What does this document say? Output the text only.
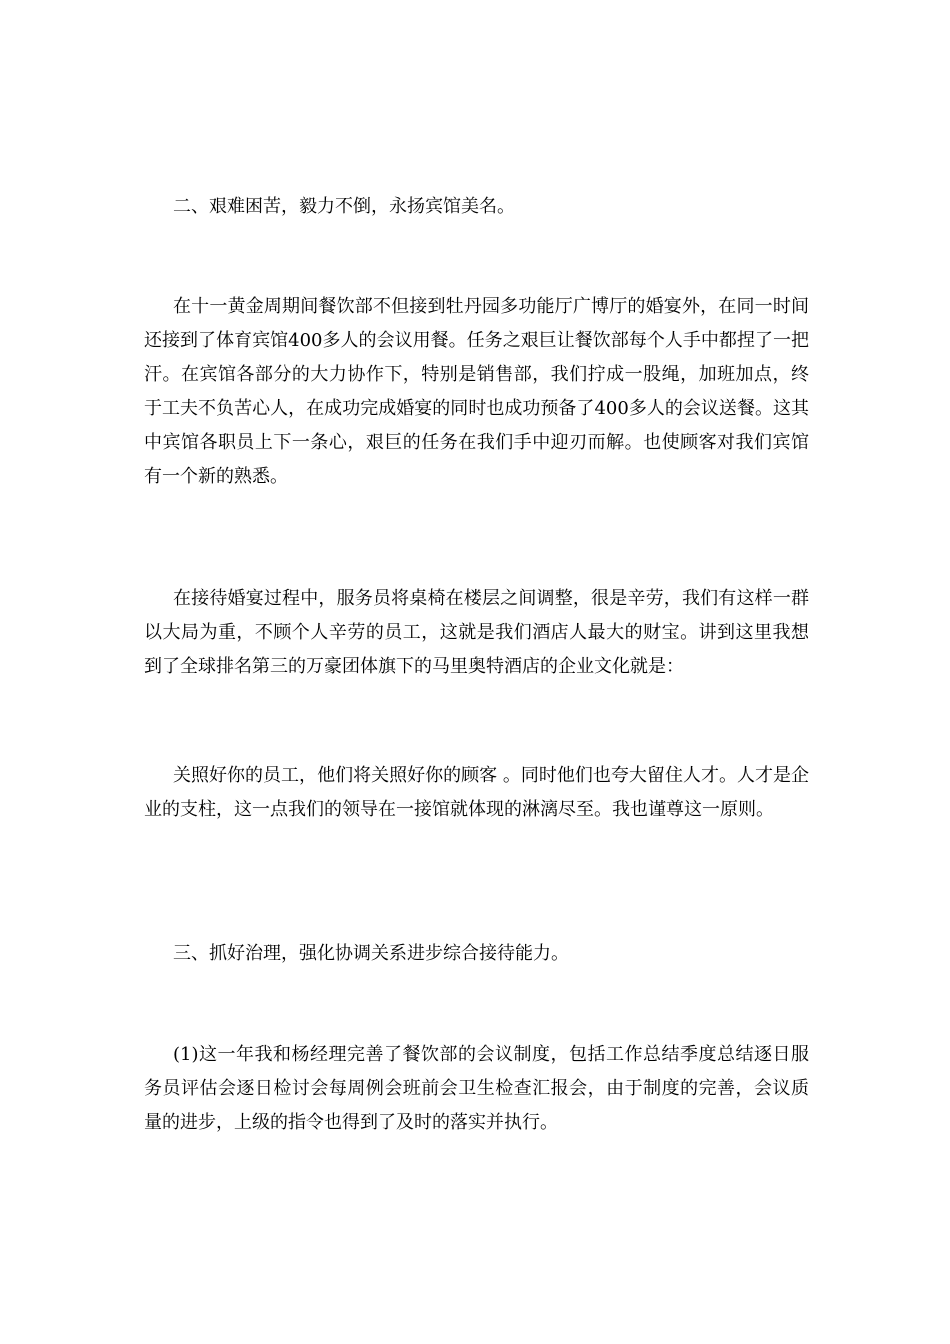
二、艰难困苦，毅力不倒，永扬宾馆美名。

在十一黄金周期间餐饮部不但接到牡丹园多功能厅广博厅的婚宴外，在同一时间还接到了体育宾馆400多人的会议用餐。任务之艰巨让餐饮部每个人手中都捏了一把汗。在宾馆各部分的大力协作下，特别是销售部，我们拧成一股绳，加班加点，终于工夫不负苦心人，在成功完成婚宴的同时也成功预备了400多人的会议送餐。这其中宾馆各职员上下一条心，艰巨的任务在我们手中迎刃而解。也使顾客对我们宾馆有一个新的熟悉。

在接待婚宴过程中，服务员将桌椅在楼层之间调整，很是辛劳，我们有这样一群以大局为重，不顾个人辛劳的员工，这就是我们酒店人最大的财宝。讲到这里我想到了全球排名第三的万豪团体旗下的马里奥特酒店的企业文化就是：

关照好你的员工，他们将关照好你的顾客 。同时他们也夸大留住人才。人才是企业的支柱，这一点我们的领导在一接馆就体现的淋漓尽至。我也谨尊这一原则。

三、抓好治理，强化协调关系进步综合接待能力。

(1)这一年我和杨经理完善了餐饮部的会议制度，包括工作总结季度总结逐日服务员评估会逐日检讨会每周例会班前会卫生检查汇报会，由于制度的完善，会议质量的进步，上级的指令也得到了及时的落实并执行。
